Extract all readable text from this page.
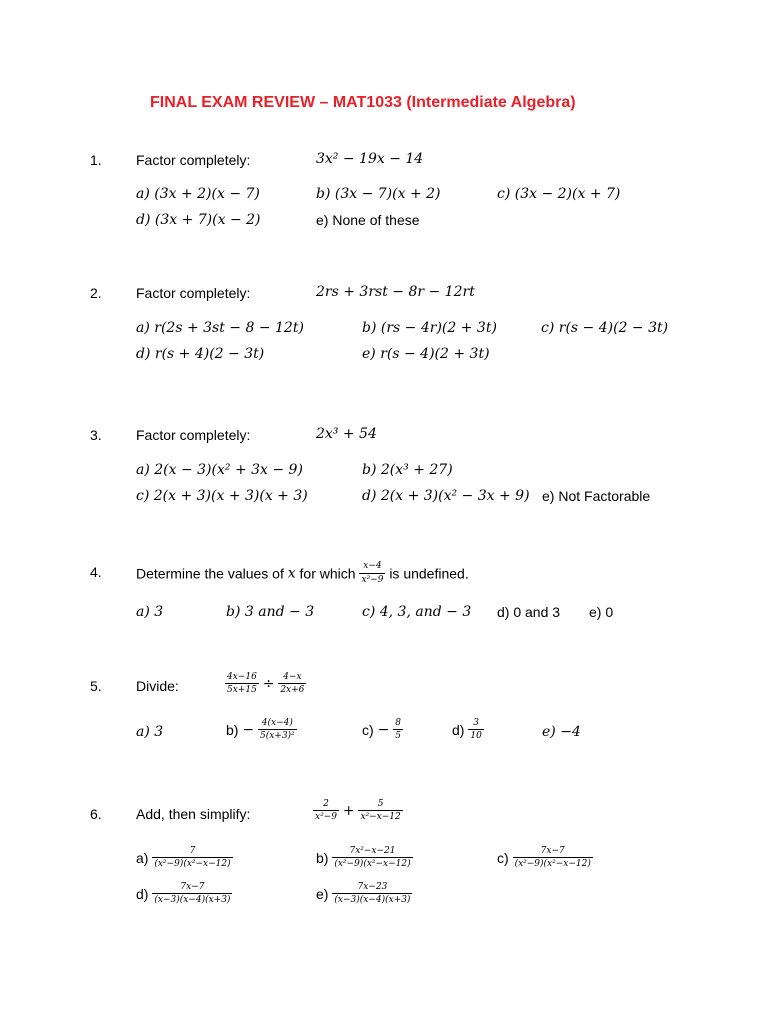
FINAL EXAM REVIEW – MAT1033 (Intermediate Algebra)
1. Factor completely:	3x² − 19x − 14
a) (3x + 2)(x − 7)	b) (3x − 7)(x + 2)	c) (3x − 2)(x + 7)
d) (3x + 7)(x − 2)	e) None of these
2. Factor completely:	2rs + 3rst − 8r − 12rt
a) r(2s + 3st − 8 − 12t)	b) (rs − 4r)(2 + 3t)	c) r(s − 4)(2 − 3t)
d) r(s + 4)(2 − 3t)	e) r(s − 4)(2 + 3t)
3. Factor completely:	2x³ + 54
a) 2(x − 3)(x² + 3x − 9)	b) 2(x³ + 27)
c) 2(x + 3)(x + 3)(x + 3)	d) 2(x + 3)(x² − 3x + 9) e) Not Factorable
4. Determine the values of x for which $\frac{x-4}{\text{x²−9}}$ is undefined.
a) 3	b) 3 and − 3	c) 4, 3, and − 3 d) 0 and 3 e) 0
5. Divide:	$\frac{4x-16}{5x+15} \div \frac{4-x}{2x+6}$
a) 3	$b) - \frac{4(x-4)}{\text{5(x+3)²}}$	$c) - \frac{8}{5}$	$d) \frac{3}{10}$	e) −4
6. Add, then simplify:	$\frac{2}{\text{x²−9}} + \frac{5}{\text{x²−x−12}}$
$a) \frac{7}{\text{(x²−9)(x²−x−12)}}$	$b) \frac{\text{7x²−x−21}}{\text{(x²−9)(x²−x−12)}}$	$c) \frac{7x-7}{\text{(x²−9)(x²−x−12)}}$
$d) \frac{7x-7}{(x-3)(x-4)(x+3)}$	$e) \frac{7x-23}{(x-3)(x-4)(x+3)}$
